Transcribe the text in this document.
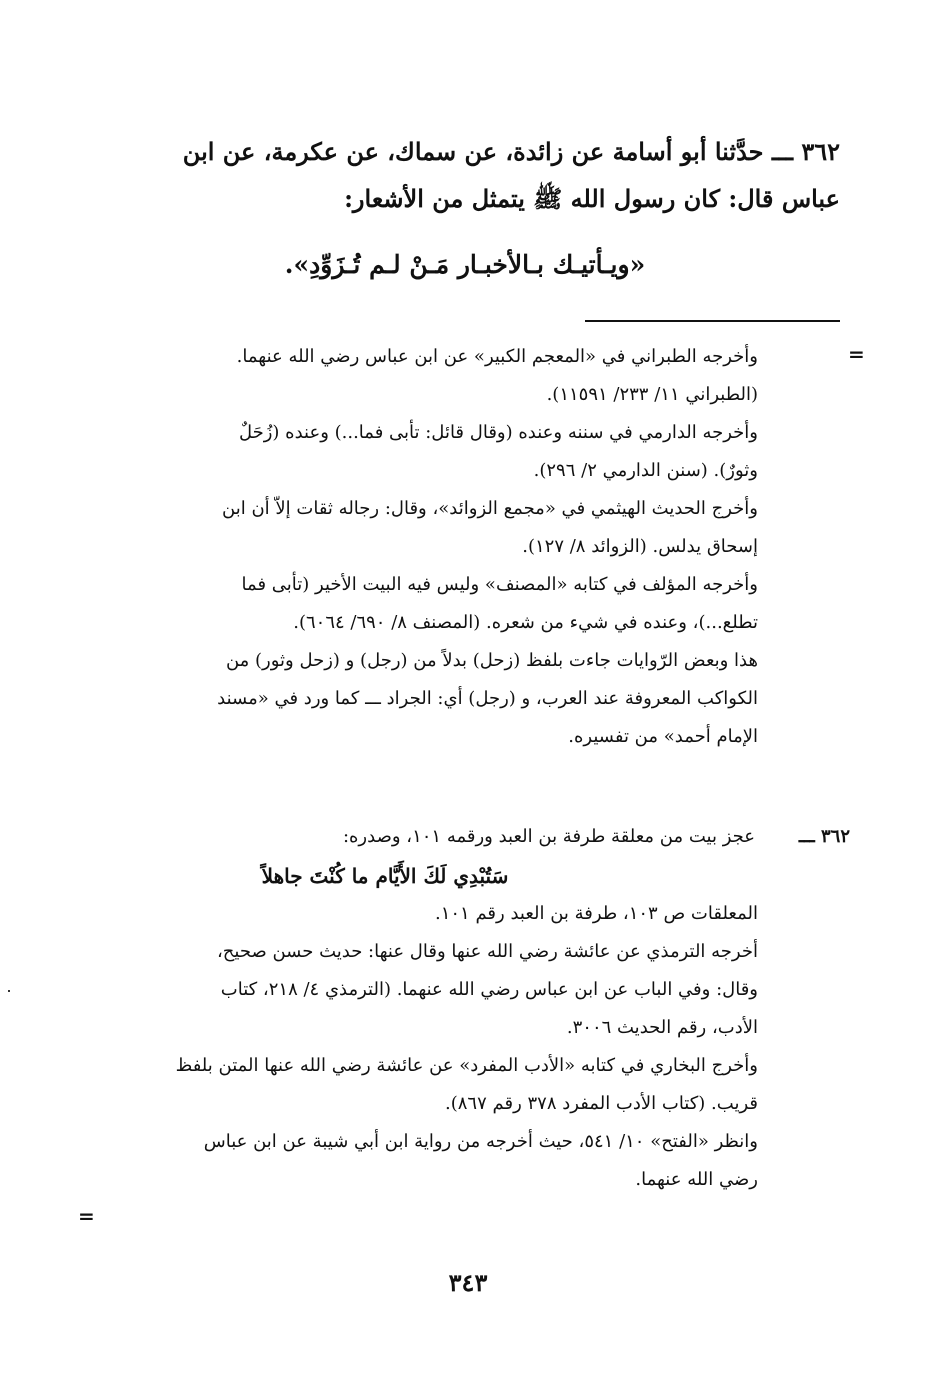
٣٦٢ ـــ حدَّثنا أبو أسامة عن زائدة، عن سماك، عن عكرمة، عن ابن
عباس قال: كان رسول الله ﷺ يتمثل من الأشعار:
«ويـأتيـك بـالأخبـار مَـنْ لـم تُـزَوِّدِ».
=

وأخرجه الطبراني في «المعجم الكبير» عن ابن عباس رضي الله عنهما.
(الطبراني ١١/ ٢٣٣/ ١١٥٩١).

وأخرجه الدارمي في سننه وعنده (وقال قائل: تأبى فما...) وعنده (زُحَلٌ
وثورٌ). (سنن الدارمي ٢/ ٢٩٦).

وأخرج الحديث الهيثمي في «مجمع الزوائد»، وقال: رجاله ثقات إلاّ أن ابن
إسحاق يدلس. (الزوائد ٨/ ١٢٧).

وأخرجه المؤلف في كتابه «المصنف» وليس فيه البيت الأخير (تأبى فما
تطلع...)، وعنده في شيء من شعره. (المصنف ٨/ ٦٩٠/ ٦٠٦٤).

هذا وبعض الرّوايات جاءت بلفظ (زحل) بدلاً من (رجل) و (زحل وثور) من
الكواكب المعروفة عند العرب، و (رجل) أي: الجراد ـــ كما ورد في «مسند
الإمام أحمد» من تفسيره.

٣٦٢ ـــ
عجز بيت من معلقة طرفة بن العبد ورقمه ١٠١، وصدره:
سَتُبْدِي لَكَ الأَيَّام ما كُنْتَ جاهلاً

المعلقات ص ١٠٣، طرفة بن العبد رقم ١٠١.

أخرجه الترمذي عن عائشة رضي الله عنها وقال عنها: حديث حسن صحيح،
وقال: وفي الباب عن ابن عباس رضي الله عنهما. (الترمذي ٤/ ٢١٨، كتاب
الأدب، رقم الحديث ٣٠٠٦.

وأخرج البخاري في كتابه «الأدب المفرد» عن عائشة رضي الله عنها المتن بلفظ
قريب. (كتاب الأدب المفرد ٣٧٨ رقم ٨٦٧).

وانظر «الفتح» ١٠/ ٥٤١، حيث أخرجه من رواية ابن أبي شيبة عن ابن عباس
رضي الله عنهما.

=
٣٤٣
